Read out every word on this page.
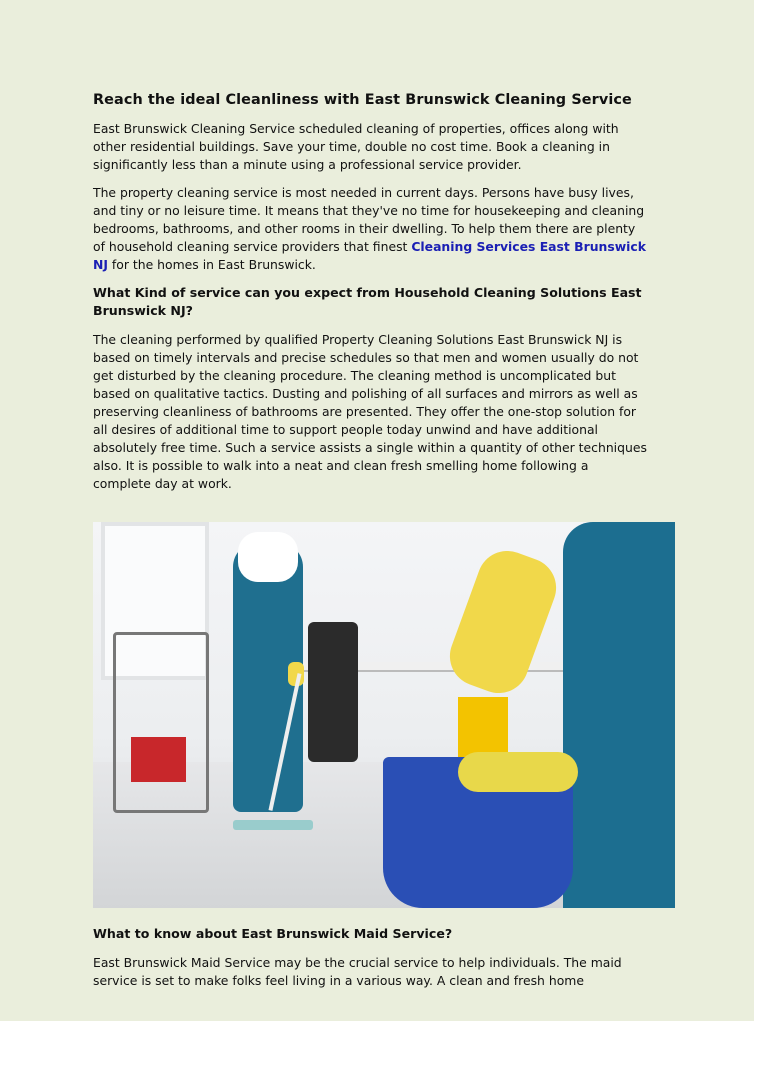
Reach the ideal Cleanliness with East Brunswick Cleaning Service
East Brunswick Cleaning Service scheduled cleaning of properties, offices along with
other residential buildings. Save your time, double no cost time. Book a cleaning in
significantly less than a minute using a professional service provider.
The property cleaning service is most needed in current days. Persons have busy lives,
and tiny or no leisure time. It means that they've no time for housekeeping and cleaning
bedrooms, bathrooms, and other rooms in their dwelling. To help them there are plenty
of household cleaning service providers that finest Cleaning Services East Brunswick
NJ for the homes in East Brunswick.
What Kind of service can you expect from Household Cleaning Solutions East Brunswick NJ?
The cleaning performed by qualified Property Cleaning Solutions East Brunswick NJ is
based on timely intervals and precise schedules so that men and women usually do not
get disturbed by the cleaning procedure. The cleaning method is uncomplicated but
based on qualitative tactics. Dusting and polishing of all surfaces and mirrors as well as
preserving cleanliness of bathrooms are presented. They offer the one-stop solution for
all desires of additional time to support people today unwind and have additional
absolutely free time. Such a service assists a single within a quantity of other techniques
also. It is possible to walk into a neat and clean fresh smelling home following a
complete day at work.
What to know about East Brunswick Maid Service?
East Brunswick Maid Service may be the crucial service to help individuals. The maid
service is set to make folks feel living in a various way. A clean and fresh home
